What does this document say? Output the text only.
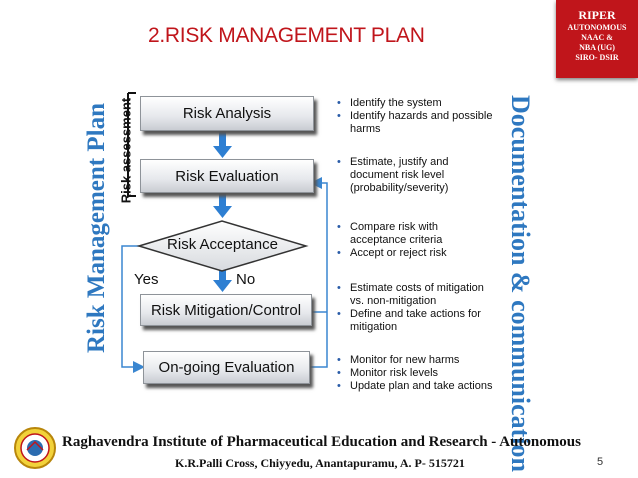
2.RISK MANAGEMENT PLAN
RIPER
AUTONOMOUS
NAAC &
NBA (UG)
SIRO- DSIR
Risk Management Plan Risk assessment	Documentation & communication
Risk Analysis
Risk Evaluation
Risk Acceptance
Risk Mitigation/Control
On-going Evaluation
Yes	No
• Identify the system
• Identify hazards and possible harms
• Estimate, justify and document risk level (probability/severity)
• Compare risk with acceptance criteria
• Accept or reject risk
• Estimate costs of mitigation vs. non-mitigation
• Define and take actions for mitigation
• Monitor for new harms
• Monitor risk levels
• Update plan and take actions
Raghavendra Institute of Pharmaceutical Education and Research - Autonomous
K.R.Palli Cross, Chiyyedu, Anantapuramu, A. P- 515721	5
